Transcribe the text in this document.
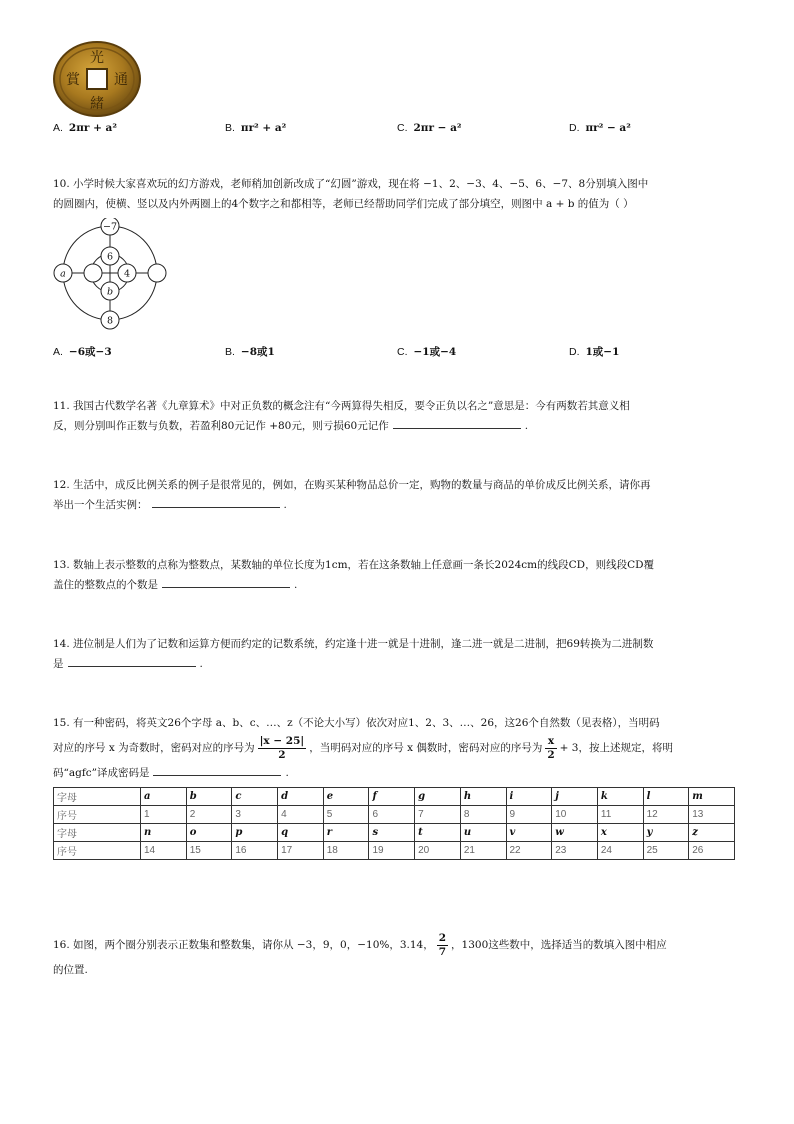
光
通
緒
賞
A. 2πr + a²	B. πr² + a²	C. 2πr − a²	D. πr² − a²
10. 小学时候大家喜欢玩的幻方游戏，老师稍加创新改成了“幻圆”游戏，现在将 −1、2、−3、4、−5、6、−7、8分别填入图中
的圆圈内，使横、竖以及内外两圈上的4个数字之和都相等，老师已经帮助同学们完成了部分填空，则图中 a + b 的值为（ ）
−7
6
a	4
b
8
A. −6或−3	B. −8或1	C. −1或−4	D. 1或−1
11. 我国古代数学名著《九章算术》中对正负数的概念注有“今两算得失相反，要令正负以名之”意思是：今有两数若其意义相
反，则分别叫作正数与负数，若盈利80元记作 +80元，则亏损60元记作	.
12. 生活中，成反比例关系的例子是很常见的，例如，在购买某种物品总价一定，购物的数量与商品的单价成反比例关系，请你再
举出一个生活实例：	.
13. 数轴上表示整数的点称为整数点，某数轴的单位长度为1cm，若在这条数轴上任意画一条长2024cm的线段CD，则线段CD覆
盖住的整数点的个数是	.
14. 进位制是人们为了记数和运算方便而约定的记数系统，约定逢十进一就是十进制，逢二进一就是二进制，把69转换为二进制数
是	.
15. 有一种密码，将英文26个字母 a、b、c、…、z（不论大小写）依次对应1、2、3、…、26，这26个自然数（见表格），当明码
对应的序号 x 为奇数时，密码对应的序号为 $\frac{|x - 25|}{2}$ ，当明码对应的序号 x 偶数时，密码对应的序号为 $\frac{x}{2} + 3$，按上述规定，将明
码“agfc”译成密码是	.
字母	a	b	c	d	e	f	g	h	i	j	k	l	m
序号	1	2	3	4	5	6	7	8	9	10	11	12	13
字母	n	o	p	q	r	s	t	u	v	w	x	y	z
序号	14	15	16	17	18	19	20	21	22	23	24	25	26
16. 如图，两个圈分别表示正数集和整数集，请你从 −3，9，0，−10%，3.14， $\frac{2}{7}$ ，1300这些数中，选择适当的数填入图中相应
的位置.
